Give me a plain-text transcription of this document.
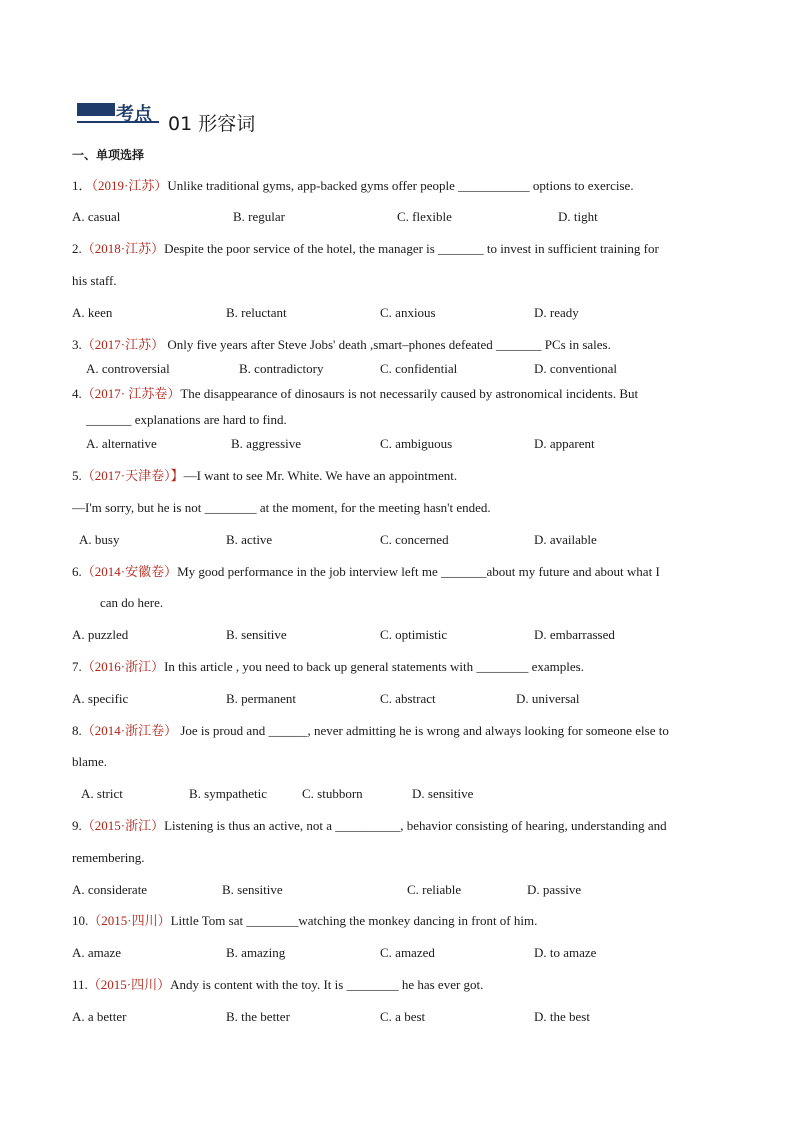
考点 01 形容词
一、单项选择
1．（2019·江苏）Unlike traditional gyms, app-backed gyms offer people ___________ options to exercise.
A. casual	B. regular	C. flexible	D. tight
2.（2018·江苏）Despite the poor service of the hotel, the manager is _______ to invest in sufficient training for
his staff.
A. keen	B. reluctant	C. anxious	D. ready
3.（2017·江苏） Only five years after Steve Jobs' death ,smart–phones defeated _______ PCs in sales.
A. controversial	B. contradictory	C. confidential	D. conventional
4.（2017· 江苏卷）The disappearance of dinosaurs is not necessarily caused by astronomical incidents. But
_______ explanations are hard to find.
A. alternative	B. aggressive	C. ambiguous	D. apparent
5.（2017·天津卷）】—I want to see Mr. White. We have an appointment.
—I'm sorry, but he is not ________ at the moment, for the meeting hasn't ended.
A. busy	B. active	C. concerned	D. available
6.（2014·安徽卷）My good performance in the job interview left me _______about my future and about what I
can do here.
A. puzzled	B. sensitive	C. optimistic	D. embarrassed
7.（2016·浙江）In this article , you need to back up general statements with ________ examples.
A. specific	B. permanent	C. abstract	D. universal
8.（2014·浙江卷） Joe is proud and ______, never admitting he is wrong and always looking for someone else to
blame.
A. strict	B. sympathetic	C. stubborn	D. sensitive
9.（2015·浙江）Listening is thus an active, not a __________, behavior consisting of hearing, understanding and
remembering.
A. considerate	B. sensitive	C. reliable	D. passive
10.（2015·四川）Little Tom sat ________watching the monkey dancing in front of him.
A. amaze	B. amazing	C. amazed	D. to amaze
11.（2015·四川）Andy is content with the toy. It is ________ he has ever got.
A. a better	B. the better	C. a best	D. the best
